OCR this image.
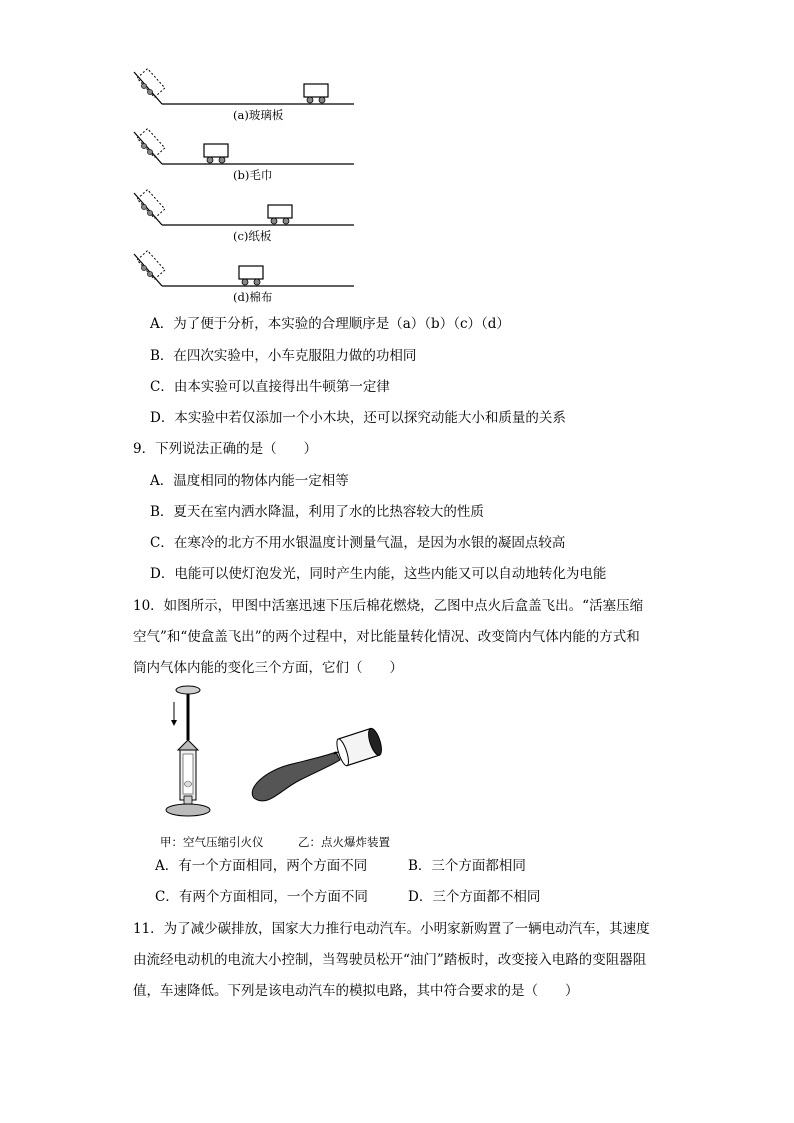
(a)玻璃板
(b)毛巾
(c)纸板
(d)棉布
A．为了便于分析，本实验的合理顺序是（a）（b）（c）（d）
B．在四次实验中，小车克服阻力做的功相同
C．由本实验可以直接得出牛顿第一定律
D．本实验中若仅添加一个小木块，还可以探究动能大小和质量的关系
9．下列说法正确的是（　　）
A．温度相同的物体内能一定相等
B．夏天在室内洒水降温，利用了水的比热容较大的性质
C．在寒冷的北方不用水银温度计测量气温，是因为水银的凝固点较高
D．电能可以使灯泡发光，同时产生内能，这些内能又可以自动地转化为电能
10．如图所示，甲图中活塞迅速下压后棉花燃烧，乙图中点火后盒盖飞出。“活塞压缩
空气”和“使盒盖飞出”的两个过程中，对比能量转化情况、改变筒内气体内能的方式和
筒内气体内能的变化三个方面，它们（　　）
甲：空气压缩引火仪　　　乙：点火爆炸装置
A．有一个方面相同，两个方面不同	B．三个方面都相同
C．有两个方面相同，一个方面不同	D．三个方面都不相同
11．为了减少碳排放，国家大力推行电动汽车。小明家新购置了一辆电动汽车，其速度
由流经电动机的电流大小控制，当驾驶员松开“油门”踏板时，改变接入电路的变阻器阻
值，车速降低。下列是该电动汽车的模拟电路，其中符合要求的是（　　）
